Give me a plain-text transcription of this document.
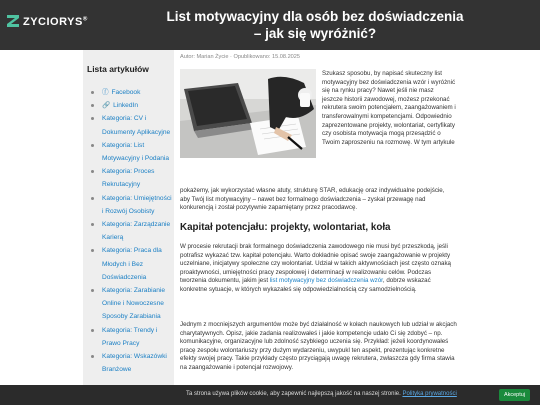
ZYCIORYS®	List motywacyjny dla osób bez doświadczenia – jak się wyróżnić?
Lista artykułów
ⓕ Facebook
🔗 LinkedIn
Kategoria: CV i Dokumenty Aplikacyjne
Kategoria: List Motywacyjny i Podania
Kategoria: Proces Rekrutacyjny
Kategoria: Umiejętności i Rozwój Osobisty
Kategoria: Zarządzanie Karierą
Kategoria: Praca dla Młodych i Bez Doświadczenia
Kategoria: Zarabianie Online i Nowoczesne Sposoby Zarabiania
Kategoria: Trendy i Prawo Pracy
Kategoria: Wskazówki Branżowe
Autor: Marian Życie · Opublikowano: 15.08.2025
Szukasz sposobu, by napisać skuteczny list motywacyjny bez doświadczenia wzór i wyróżnić się na rynku pracy? Nawet jeśli nie masz jeszcze historii zawodowej, możesz przekonać rekrutera swoim potencjałem, zaangażowaniem i transferowalnymi kompetencjami. Odpowiednio zaprezentowane projekty, wolontariat, certyfikaty czy osobista motywacja mogą przesądzić o Twoim zaproszeniu na rozmowę. W tym artykule
pokażemy, jak wykorzystać własne atuty, strukturę STAR, edukację oraz indywidualne podejście, aby Twój list motywacyjny – nawet bez formalnego doświadczenia – zyskał przewagę nad konkurencją i został pozytywnie zapamiętany przez pracodawcę.
Kapitał potencjału: projekty, wolontariat, koła
W procesie rekrutacji brak formalnego doświadczenia zawodowego nie musi być przeszkodą, jeśli potrafisz wykazać tzw. kapitał potencjału. Warto dokładnie opisać swoje zaangażowanie w projekty uczelniane, inicjatywy społeczne czy wolontariat. Udział w takich aktywnościach jest często oznaką proaktywności, umiejętności pracy zespołowej i determinacji w realizowaniu celów. Podczas tworzenia dokumentu, jakim jest list motywacyjny bez doświadczenia wzór, dobrze wskazać konkretne sytuacje, w których wykazałeś się odpowiedzialnością czy samodzielnością.
Jednym z mocniejszych argumentów może być działalność w kołach naukowych lub udział w akcjach charytatywnych. Opisz, jakie zadania realizowałeś i jakie kompetencje udało Ci się zdobyć – np. komunikacyjne, organizacyjne lub zdolność szybkiego uczenia się. Przykład: jeżeli koordynowałeś pracę zespołu wolontariuszy przy dużym wydarzeniu, uwypukl ten aspekt, prezentując konkretne efekty swojej pracy. Takie przykłady często przyciągają uwagę rekrutera, zwłaszcza gdy firma stawia na zaangażowanie i potencjał rozwojowy.
Ta strona używa plików cookie, aby zapewnić najlepszą jakość na naszej stronie. Polityka prywatności	Akceptuj
